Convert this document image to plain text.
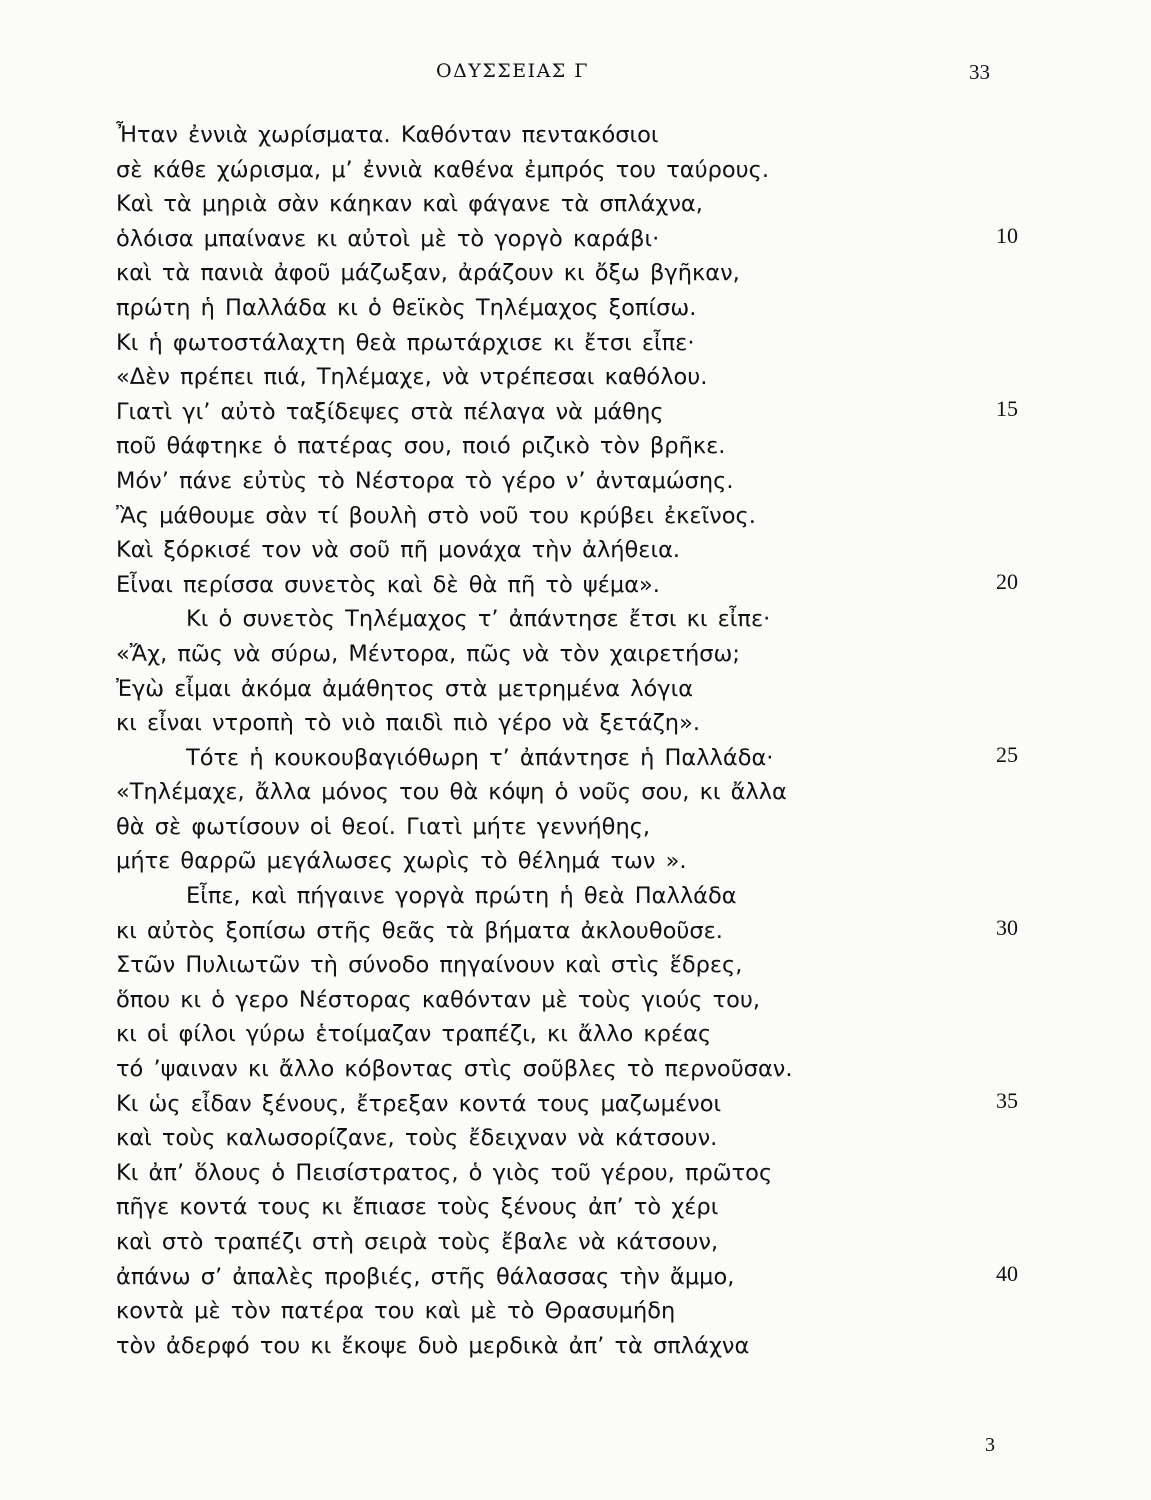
ΟΔΥΣΣΕΙΑΣ Γ	33
Ἦταν ἐννιὰ χωρίσματα. Καθόνταν πεντακόσιοι
σὲ κάθε χώρισμα, μ’ ἐννιὰ καθένα ἐμπρός του ταύρους.
Καὶ τὰ μηριὰ σὰν κάηκαν καὶ φάγανε τὰ σπλάχνα,
ὁλόισα μπαίνανε κι αὐτοὶ μὲ τὸ γοργὸ καράβι·	10
καὶ τὰ πανιὰ ἀφοῦ μάζωξαν, ἀράζουν κι ὄξω βγῆκαν,
πρώτη ἡ Παλλάδα κι ὁ θεϊκὸς Τηλέμαχος ξοπίσω.
Κι ἡ φωτοστάλαχτη θεὰ πρωτάρχισε κι ἔτσι εἶπε·
«Δὲν πρέπει πιά, Τηλέμαχε, νὰ ντρέπεσαι καθόλου.
Γιατὶ γι’ αὐτὸ ταξίδεψες στὰ πέλαγα νὰ μάθης	15
ποῦ θάφτηκε ὁ πατέρας σου, ποιό ριζικὸ τὸν βρῆκε.
Μόν’ πάνε εὐτὺς τὸ Νέστορα τὸ γέρο ν’ ἀνταμώσης.
Ἂς μάθουμε σὰν τί βουλὴ στὸ νοῦ του κρύβει ἐκεῖνος.
Καὶ ξόρκισέ τον νὰ σοῦ πῆ μονάχα τὴν ἀλήθεια.
Εἶναι περίσσα συνετὸς καὶ δὲ θὰ πῆ τὸ ψέμα».	20
Κι ὁ συνετὸς Τηλέμαχος τ’ ἀπάντησε ἔτσι κι εἶπε·
«Ἄχ, πῶς νὰ σύρω, Μέντορα, πῶς νὰ τὸν χαιρετήσω;
Ἐγὼ εἶμαι ἀκόμα ἀμάθητος στὰ μετρημένα λόγια
κι εἶναι ντροπὴ τὸ νιὸ παιδὶ πιὸ γέρο νὰ ξετάζη».
Τότε ἡ κουκουβαγιόθωρη τ’ ἀπάντησε ἡ Παλλάδα·	25
«Τηλέμαχε, ἄλλα μόνος του θὰ κόψη ὁ νοῦς σου, κι ἄλλα
θὰ σὲ φωτίσουν οἱ θεοί. Γιατὶ μήτε γεννήθης,
μήτε θαρρῶ μεγάλωσες χωρὶς τὸ θέλημά των ».
Εἶπε, καὶ πήγαινε γοργὰ πρώτη ἡ θεὰ Παλλάδα
κι αὐτὸς ξοπίσω στῆς θεᾶς τὰ βήματα ἀκλουθοῦσε.	30
Στῶν Πυλιωτῶν τὴ σύνοδο πηγαίνουν καὶ στὶς ἕδρες,
ὅπου κι ὁ γερο Νέστορας καθόνταν μὲ τοὺς γιούς του,
κι οἱ φίλοι γύρω ἑτοίμαζαν τραπέζι, κι ἄλλο κρέας
τό ’ψαιναν κι ἄλλο κόβοντας στὶς σοῦβλες τὸ περνοῦσαν.
Κι ὡς εἶδαν ξένους, ἔτρεξαν κοντά τους μαζωμένοι	35
καὶ τοὺς καλωσορίζανε, τοὺς ἔδειχναν νὰ κάτσουν.
Κι ἀπ’ ὅλους ὁ Πεισίστρατος, ὁ γιὸς τοῦ γέρου, πρῶτος
πῆγε κοντά τους κι ἔπιασε τοὺς ξένους ἀπ’ τὸ χέρι
καὶ στὸ τραπέζι στὴ σειρὰ τοὺς ἔβαλε νὰ κάτσουν,
ἀπάνω σ’ ἀπαλὲς προβιές, στῆς θάλασσας τὴν ἄμμο,	40
κοντὰ μὲ τὸν πατέρα του καὶ μὲ τὸ Θρασυμήδη
τὸν ἀδερφό του κι ἔκοψε δυὸ μερδικὰ ἀπ’ τὰ σπλάχνα
3
